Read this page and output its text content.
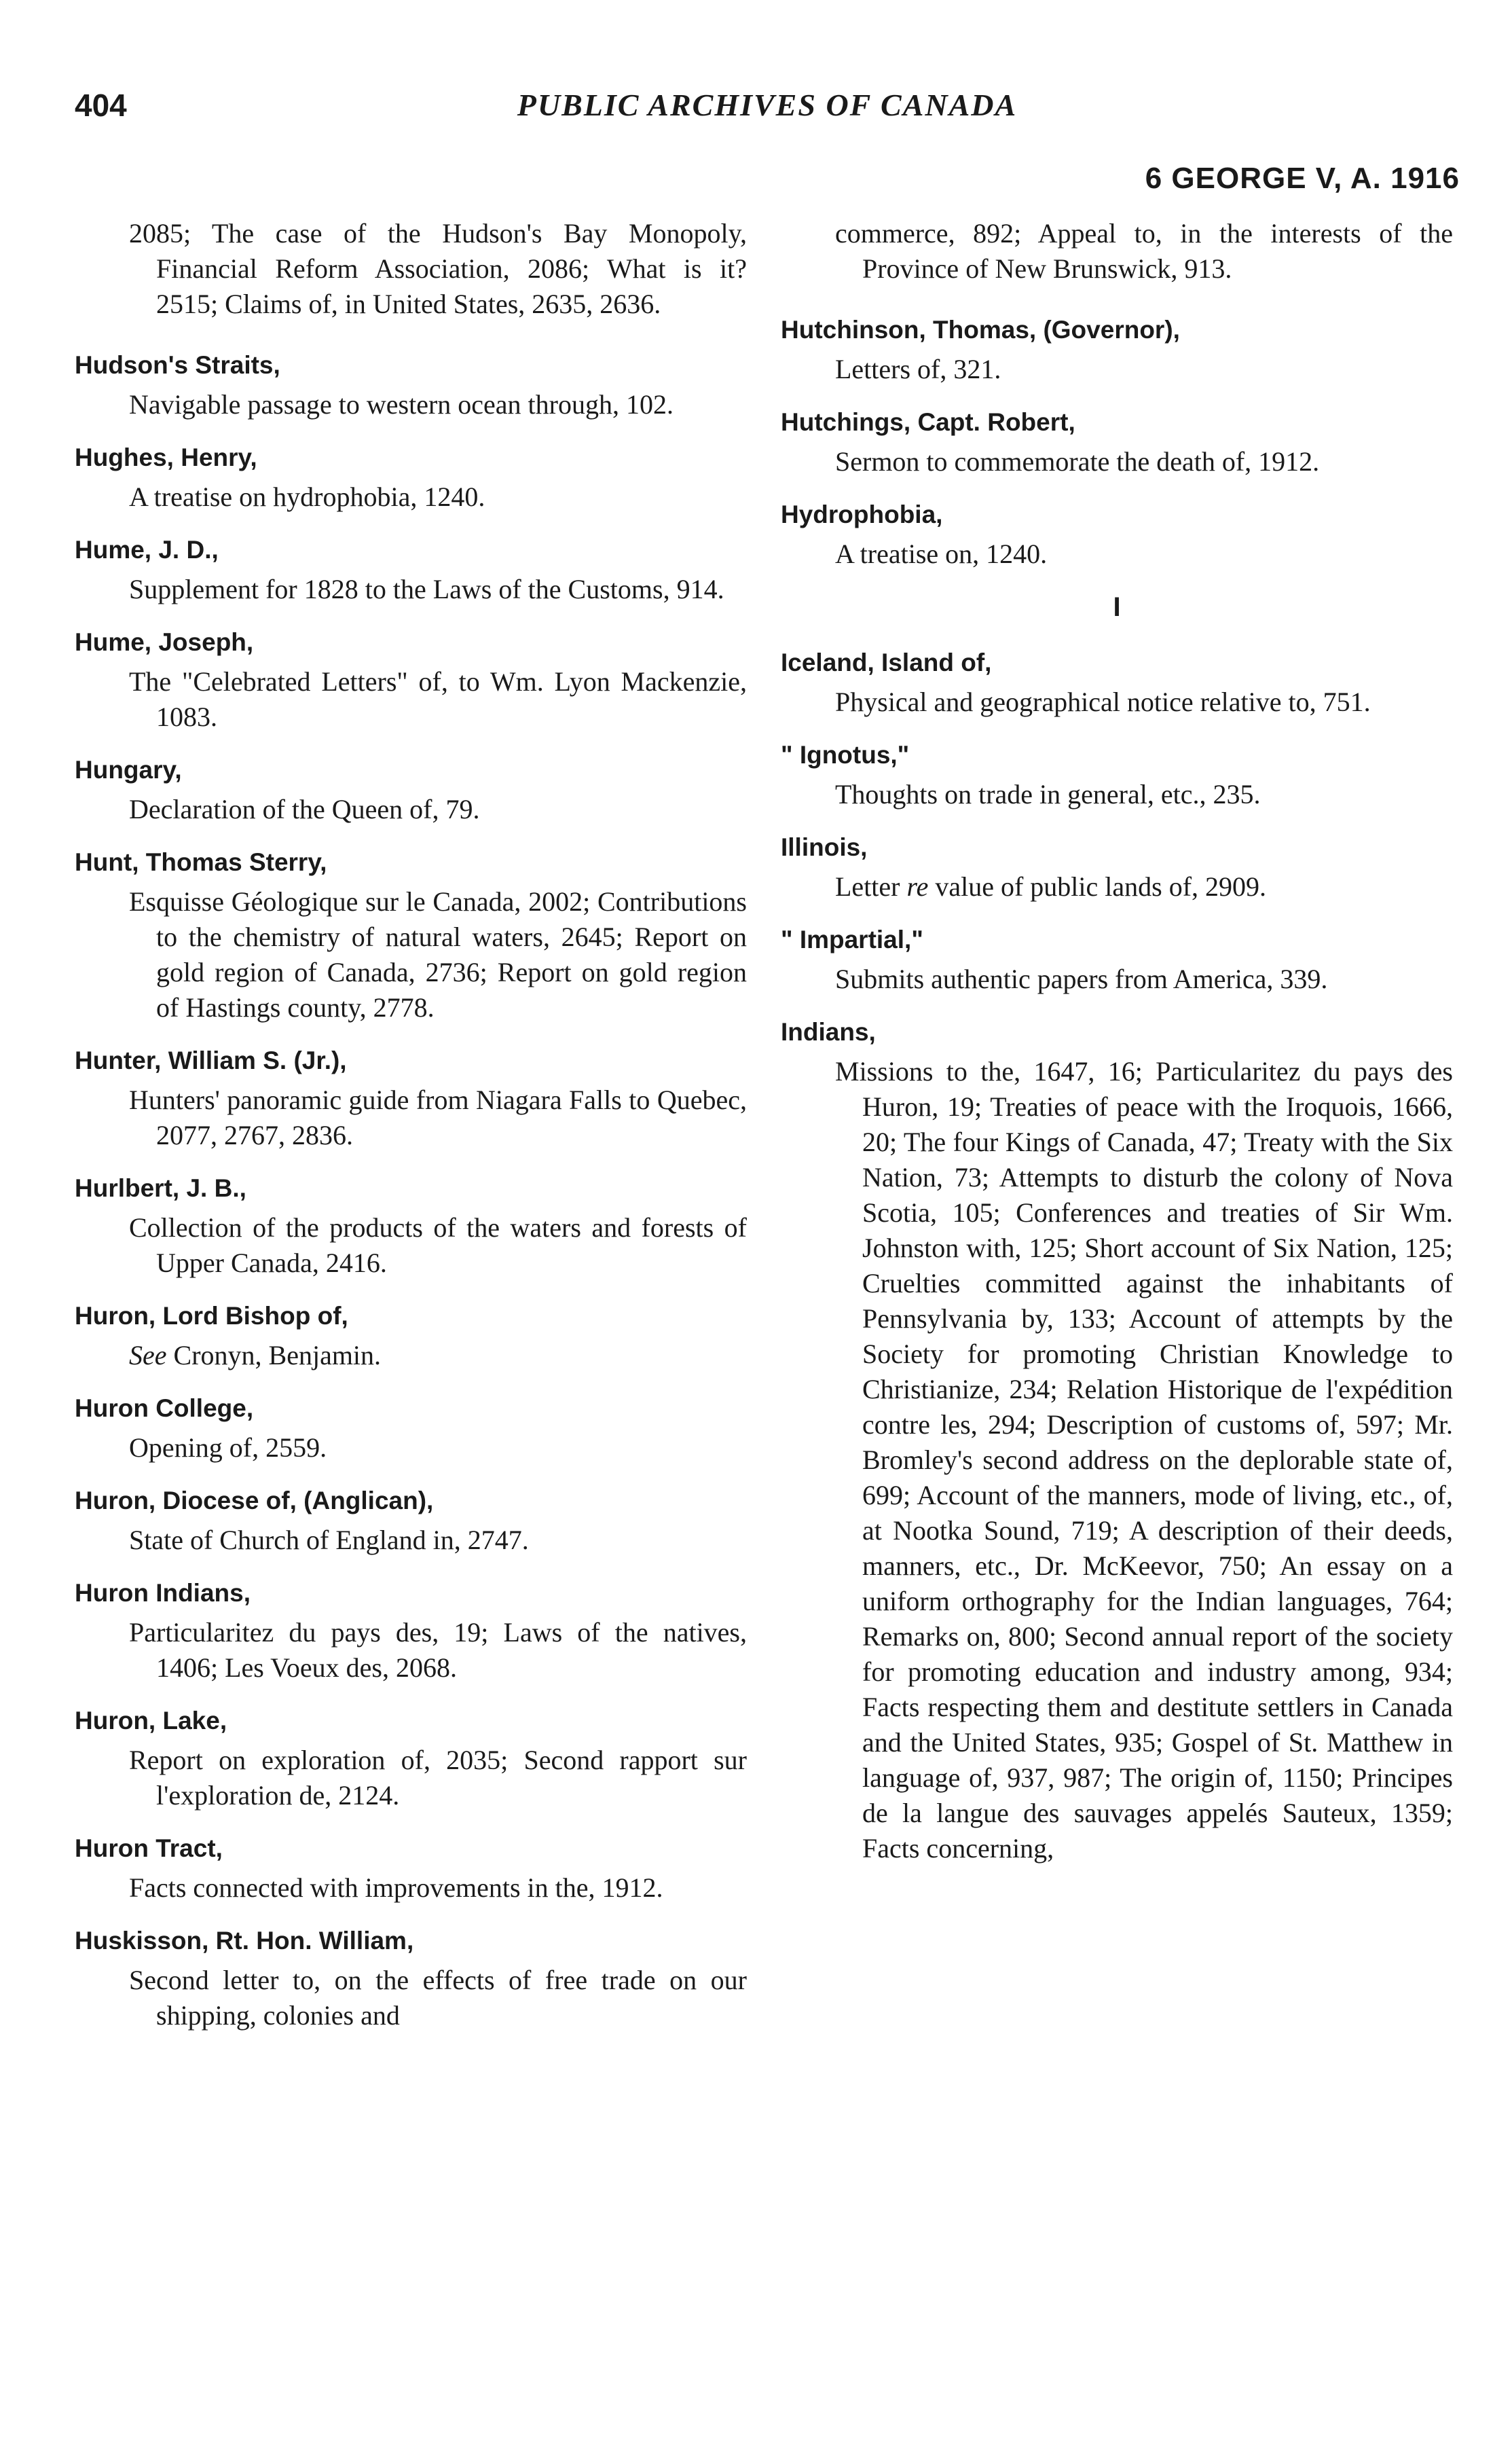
404	PUBLIC ARCHIVES OF CANADA
6 GEORGE V, A. 1916
2085; The case of the Hudson's Bay Monopoly, Financial Reform Association, 2086; What is it? 2515; Claims of, in United States, 2635, 2636.
Hudson's Straits,
Navigable passage to western ocean through, 102.
Hughes, Henry,
A treatise on hydrophobia, 1240.
Hume, J. D.,
Supplement for 1828 to the Laws of the Customs, 914.
Hume, Joseph,
The "Celebrated Letters" of, to Wm. Lyon Mackenzie, 1083.
Hungary,
Declaration of the Queen of, 79.
Hunt, Thomas Sterry,
Esquisse Géologique sur le Canada, 2002; Contributions to the chemistry of natural waters, 2645; Report on gold region of Canada, 2736; Report on gold region of Hastings county, 2778.
Hunter, William S. (Jr.),
Hunters' panoramic guide from Niagara Falls to Quebec, 2077, 2767, 2836.
Hurlbert, J. B.,
Collection of the products of the waters and forests of Upper Canada, 2416.
Huron, Lord Bishop of,
See Cronyn, Benjamin.
Huron College,
Opening of, 2559.
Huron, Diocese of, (Anglican),
State of Church of England in, 2747.
Huron Indians,
Particularitez du pays des, 19; Laws of the natives, 1406; Les Voeux des, 2068.
Huron, Lake,
Report on exploration of, 2035; Second rapport sur l'exploration de, 2124.
Huron Tract,
Facts connected with improvements in the, 1912.
Huskisson, Rt. Hon. William,
Second letter to, on the effects of free trade on our shipping, colonies and
commerce, 892; Appeal to, in the interests of the Province of New Brunswick, 913.
Hutchinson, Thomas, (Governor),
Letters of, 321.
Hutchings, Capt. Robert,
Sermon to commemorate the death of, 1912.
Hydrophobia,
A treatise on, 1240.
I
Iceland, Island of,
Physical and geographical notice relative to, 751.
" Ignotus,"
Thoughts on trade in general, etc., 235.
Illinois,
Letter re value of public lands of, 2909.
" Impartial,"
Submits authentic papers from America, 339.
Indians,
Missions to the, 1647, 16; Particularitez du pays des Huron, 19; Treaties of peace with the Iroquois, 1666, 20; The four Kings of Canada, 47; Treaty with the Six Nation, 73; Attempts to disturb the colony of Nova Scotia, 105; Conferences and treaties of Sir Wm. Johnston with, 125; Short account of Six Nation, 125; Cruelties committed against the inhabitants of Pennsylvania by, 133; Account of attempts by the Society for promoting Christian Knowledge to Christianize, 234; Relation Historique de l'expédition contre les, 294; Description of customs of, 597; Mr. Bromley's second address on the deplorable state of, 699; Account of the manners, mode of living, etc., of, at Nootka Sound, 719; A description of their deeds, manners, etc., Dr. McKeevor, 750; An essay on a uniform orthography for the Indian languages, 764; Remarks on, 800; Second annual report of the society for promoting education and industry among, 934; Facts respecting them and destitute settlers in Canada and the United States, 935; Gospel of St. Matthew in language of, 937, 987; The origin of, 1150; Principes de la langue des sauvages appelés Sauteux, 1359; Facts concerning,
